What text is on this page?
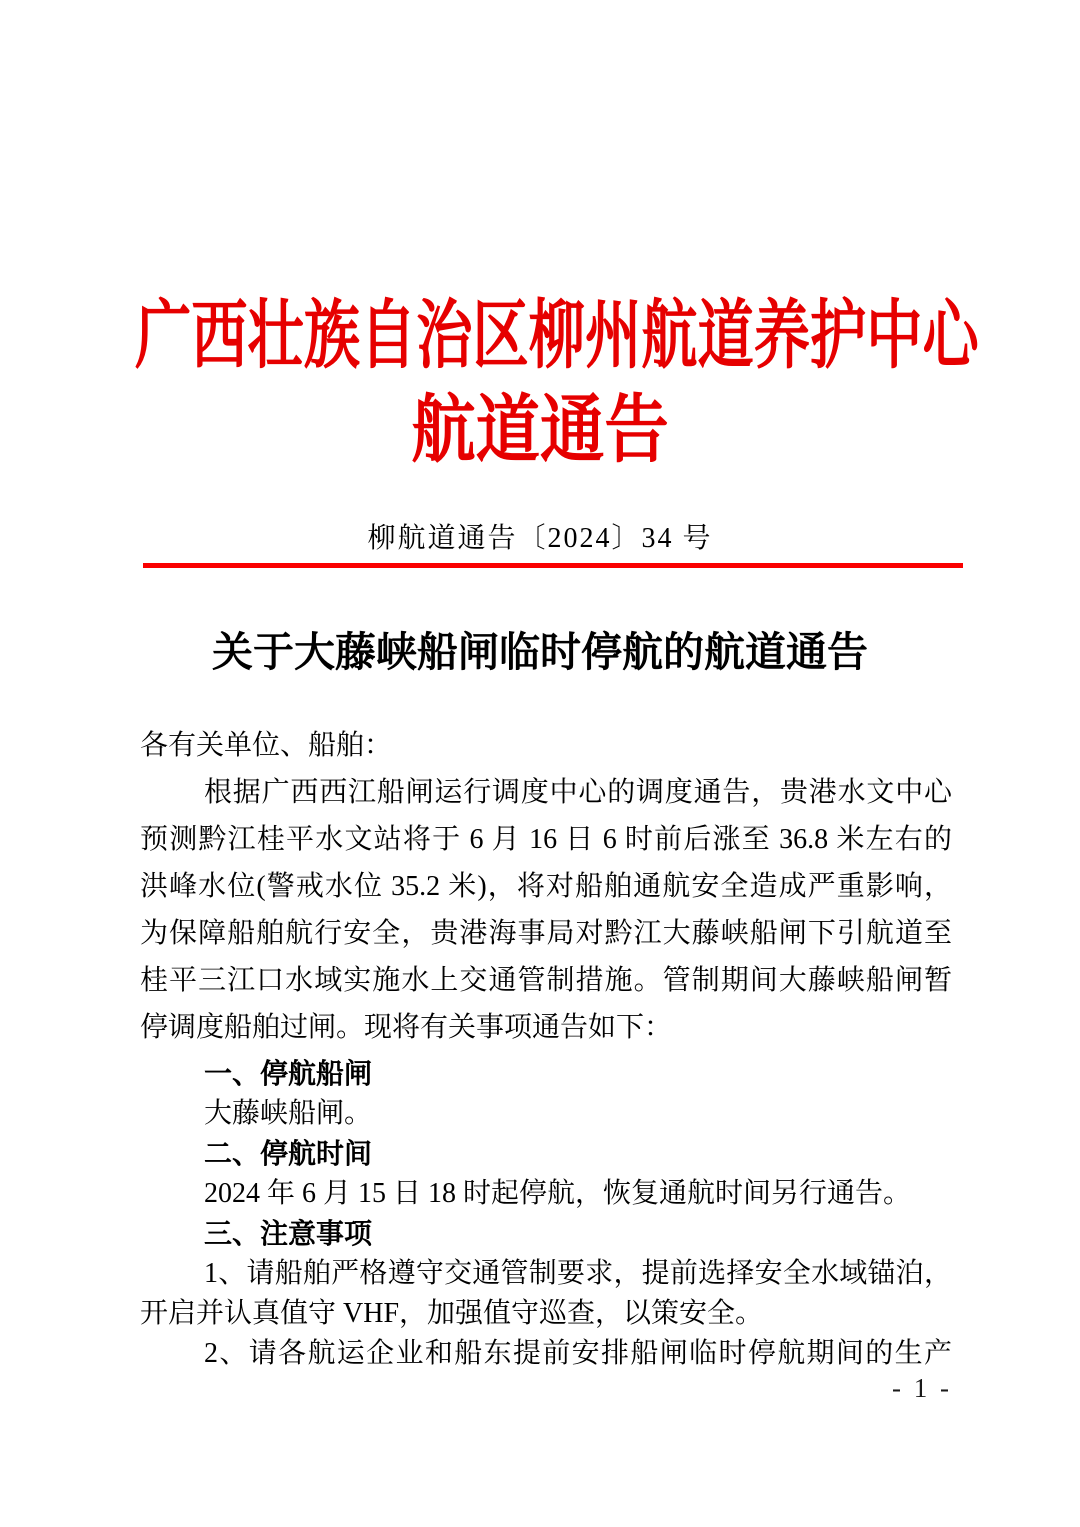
广西壮族自治区柳州航道养护中心
航道通告
柳航道通告〔2024〕34 号
关于大藤峡船闸临时停航的航道通告
各有关单位、船舶：
根据广西西江船闸运行调度中心的调度通告，贵港水文中心
预测黔江桂平水文站将于 6 月 16 日 6 时前后涨至 36.8 米左右的
洪峰水位(警戒水位 35.2 米)，将对船舶通航安全造成严重影响，
为保障船舶航行安全，贵港海事局对黔江大藤峡船闸下引航道至
桂平三江口水域实施水上交通管制措施。管制期间大藤峡船闸暂
停调度船舶过闸。现将有关事项通告如下：
一、停航船闸
大藤峡船闸。
二、停航时间
2024 年 6 月 15 日 18 时起停航，恢复通航时间另行通告。
三、注意事项
1、请船舶严格遵守交通管制要求，提前选择安全水域锚泊，
开启并认真值守 VHF，加强值守巡查，以策安全。
2、请各航运企业和船东提前安排船闸临时停航期间的生产
- 1 -
